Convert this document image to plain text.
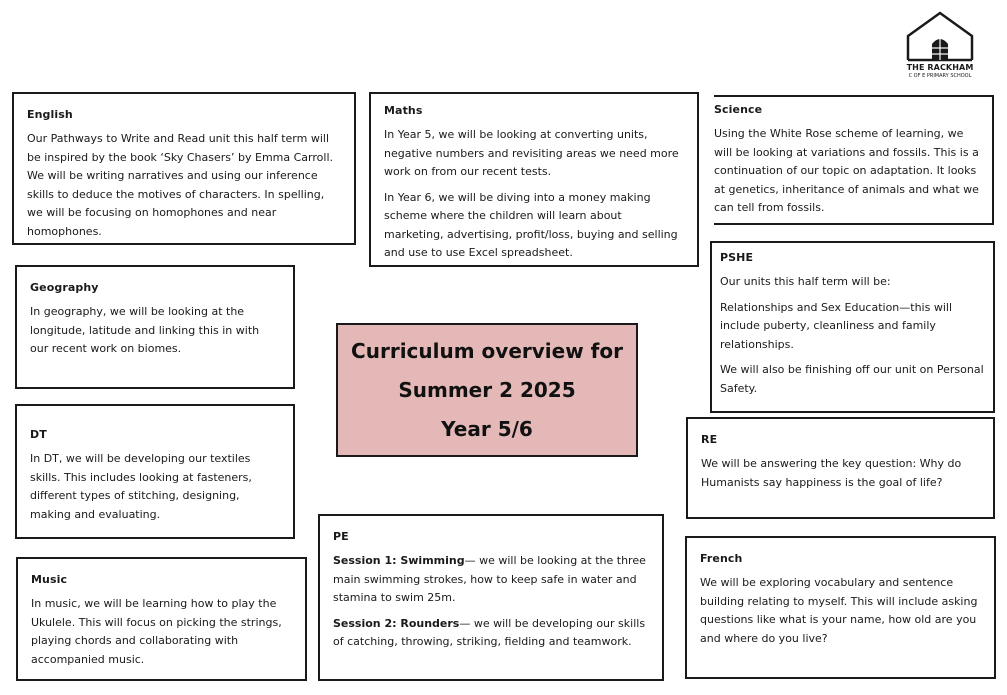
THE RACKHAM
C OF E PRIMARY SCHOOL
English

Our Pathways to Write and Read unit this half term will be inspired by the book ‘Sky Chasers’ by Emma Carroll. We will be writing narratives and using our inference skills to deduce the motives of characters. In spelling, we will be focusing on homophones and near homophones.

Maths

In Year 5, we will be looking at converting units, negative numbers and revisiting areas we need more work on from our recent tests.

In Year 6, we will be diving into a money making scheme where the children will learn about marketing, advertising, profit/loss, buying and selling and use to use Excel spreadsheet.

Science

Using the White Rose scheme of learning, we will be looking at variations and fossils. This is a continuation of our topic on adaptation. It looks at genetics, inheritance of animals and what we can tell from fossils.

Geography

In geography, we will be looking at the longitude, latitude and linking this in with our recent work on biomes.

PSHE

Our units this half term will be:

Relationships and Sex Education—this will include puberty, cleanliness and family relationships.

We will also be finishing off our unit on Personal Safety.

Curriculum overview for
Summer 2 2025
Year 5/6
DT

In DT, we will be developing our textiles skills. This includes looking at fasteners, different types of stitching, designing, making and evaluating.

RE

We will be answering the key question: Why do Humanists say happiness is the goal of life?

PE

Session 1: Swimming— we will be looking at the three main swimming strokes, how to keep safe in water and stamina to swim 25m.

Session 2: Rounders— we will be developing our skills of catching, throwing, striking, fielding and teamwork.

Music

In music, we will be learning how to play the Ukulele. This will focus on picking the strings, playing chords and collaborating with accompanied music.

French

We will be exploring vocabulary and sentence building relating to myself. This will include asking questions like what is your name, how old are you and where do you live?
